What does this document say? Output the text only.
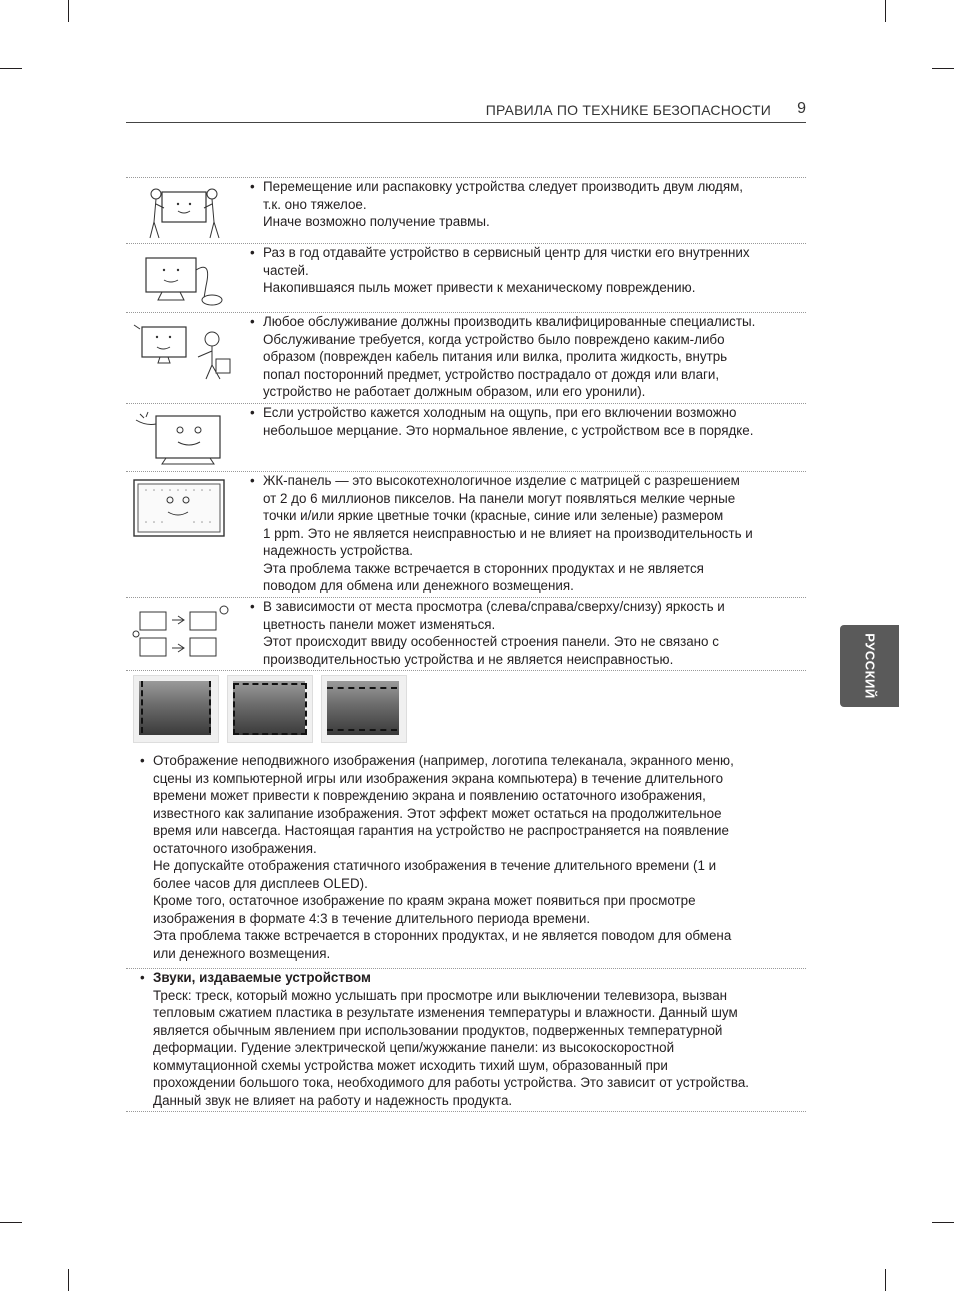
ПРАВИЛА ПО ТЕХНИКЕ БЕЗОПАСНОСТИ 9
РУССКИЙ
• Перемещение или распаковку устройства следует производить двум людям,
т.к. оно тяжелое.
Иначе возможно получение травмы.
• Раз в год отдавайте устройство в сервисный центр для чистки его внутренних
частей.
Накопившаяся пыль может привести к механическому повреждению.
• Любое обслуживание должны производить квалифицированные специалисты.
Обслуживание требуется, когда устройство было повреждено каким-либо
образом (поврежден кабель питания или вилка, пролита жидкость, внутрь
попал посторонний предмет, устройство пострадало от дождя или влаги,
устройство не работает должным образом, или его уронили).
• Если устройство кажется холодным на ощупь, при его включении возможно
небольшое мерцание. Это нормальное явление, с устройством все в порядке.
• ЖК-панель — это высокотехнологичное изделие с матрицей с разрешением
от 2 до 6 миллионов пикселов. На панели могут появляться мелкие черные
точки и/или яркие цветные точки (красные, синие или зеленые) размером
1 ppm. Это не является неисправностью и не влияет на производительность и
надежность устройства.
Эта проблема также встречается в сторонних продуктах и не является
поводом для обмена или денежного возмещения.
• В зависимости от места просмотра (слева/справа/сверху/снизу) яркость и
цветность панели может изменяться.
Этот происходит ввиду особенностей строения панели. Это не связано с
производительностью устройства и не является неисправностью.
• Отображение неподвижного изображения (например, логотипа телеканала, экранного меню,
сцены из компьютерной игры или изображения экрана компьютера) в течение длительного
времени может привести к повреждению экрана и появлению остаточного изображения,
известного как залипание изображения. Этот эффект может остаться на продолжительное
время или навсегда. Настоящая гарантия на устройство не распространяется на появление
остаточного изображения.
Не допускайте отображения статичного изображения в течение длительного времени (1 и
более часов для дисплеев OLED).
Кроме того, остаточное изображение по краям экрана может появиться при просмотре
изображения в формате 4:3 в течение длительного периода времени.
Эта проблема также встречается в сторонних продуктах, и не является поводом для обмена
или денежного возмещения.
• Звуки, издаваемые устройством
Треск: треск, который можно услышать при просмотре или выключении телевизора, вызван
тепловым сжатием пластика в результате изменения температуры и влажности. Данный шум
является обычным явлением при использовании продуктов, подверженных температурной
деформации. Гудение электрической цепи/жужжание панели: из высокоскоростной
коммутационной схемы устройства может исходить тихий шум, образованный при
прохождении большого тока, необходимого для работы устройства. Это зависит от устройства.
Данный звук не влияет на работу и надежность продукта.
